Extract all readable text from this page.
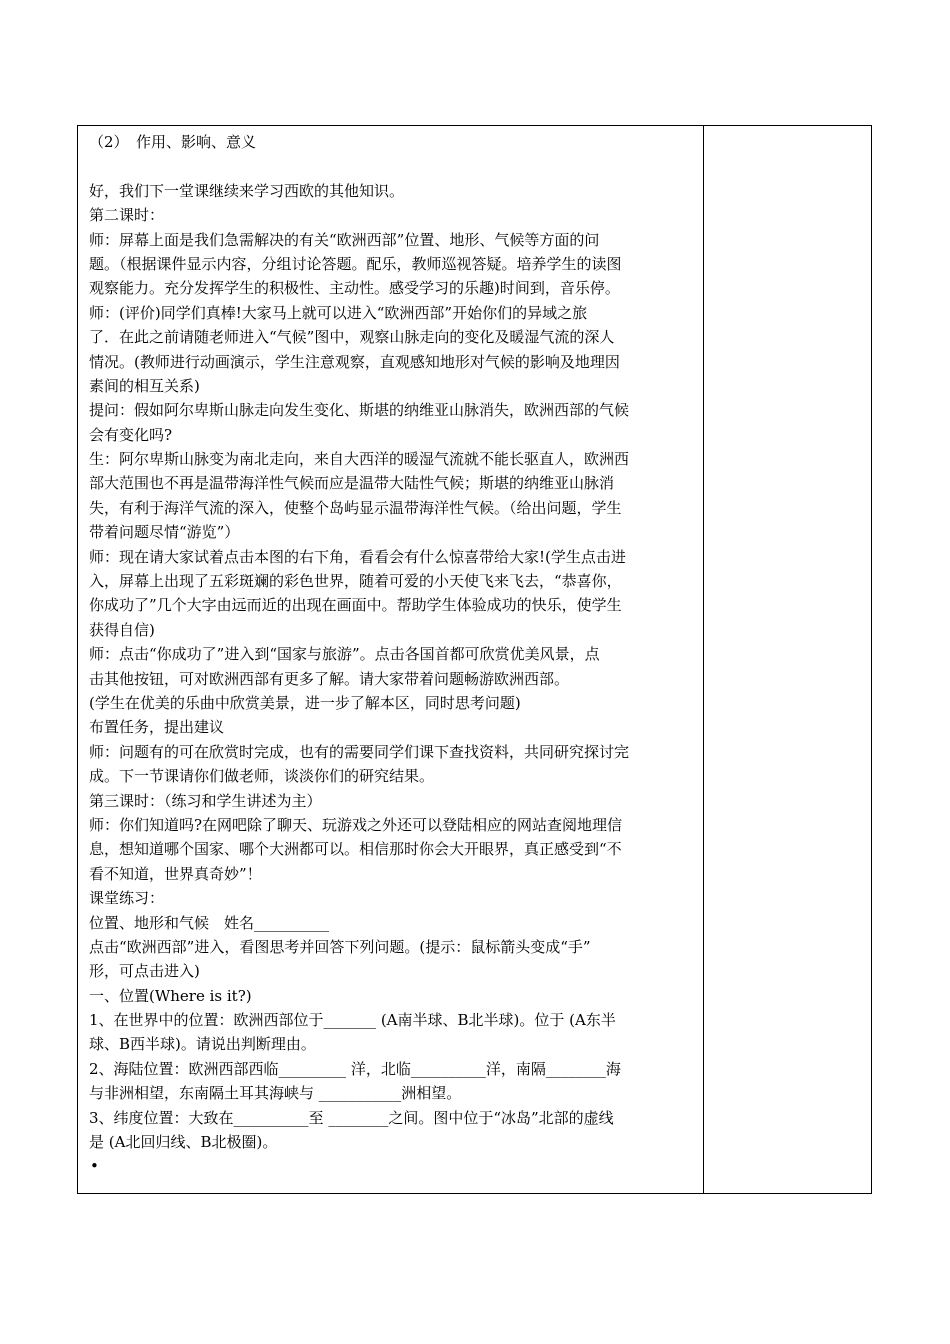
（2）　作用、影响、意义
好，我们下一堂课继续来学习西欧的其他知识。
第二课时：
师：屏幕上面是我们急需解决的有关“欧洲西部”位置、地形、气候等方面的问
题。（根据课件显示内容，分组讨论答题。配乐，教师巡视答疑。培养学生的读图
观察能力。充分发挥学生的积极性、主动性。感受学习的乐趣)时间到，音乐停。
师：(评价)同学们真棒!大家马上就可以进入“欧洲西部”开始你们的异域之旅
了．在此之前请随老师进入“气候”图中，观察山脉走向的变化及暖湿气流的深人
情况。(教师进行动画演示，学生注意观察，直观感知地形对气候的影响及地理因
素间的相互关系)
提问：假如阿尔卑斯山脉走向发生变化、斯堪的纳维亚山脉消失，欧洲西部的气候
会有变化吗?
生：阿尔卑斯山脉变为南北走向，来自大西洋的暖湿气流就不能长驱直人，欧洲西
部大范围也不再是温带海洋性气候而应是温带大陆性气候；斯堪的纳维亚山脉消
失，有利于海洋气流的深入，使整个岛屿显示温带海洋性气候。（给出问题，学生
带着问题尽情“游览”）
师：现在请大家试着点击本图的右下角，看看会有什么惊喜带给大家!(学生点击进
入，屏幕上出现了五彩斑斓的彩色世界，随着可爱的小天使飞来飞去，“恭喜你，
你成功了”几个大字由远而近的出现在画面中。帮助学生体验成功的快乐，使学生
获得自信)
师：点击“你成功了”进入到“国家与旅游”。点击各国首都可欣赏优美风景，点
击其他按钮，可对欧洲西部有更多了解。请大家带着问题畅游欧洲西部。
(学生在优美的乐曲中欣赏美景，进一步了解本区，同时思考问题)
布置任务，提出建议
师：问题有的可在欣赏时完成，也有的需要同学们课下查找资料，共同研究探讨完
成。下一节课请你们做老师，谈淡你们的研究结果。
第三课时：（练习和学生讲述为主）
师：你们知道吗?在网吧除了聊天、玩游戏之外还可以登陆相应的网站查阅地理信
息，想知道哪个国家、哪个大洲都可以。相信那时你会大开眼界，真正感受到“不
看不知道，世界真奇妙”！
课堂练习：
位置、地形和气候　姓名__________
点击“欧洲西部”进入，看图思考并回答下列问题。(提示：鼠标箭头变成“手”
形，可点击进入)
一、位置(Where is it?)
1、在世界中的位置：欧洲西部位于_______ (A南半球、B北半球)。位于 (A东半
球、B西半球)。请说出判断理由。
2、海陆位置：欧洲西部西临_________ 洋，北临__________洋，南隔________海
与非洲相望，东南隔土耳其海峡与 ___________洲相望。
3、纬度位置：大致在__________至 ________之间。图中位于“冰岛”北部的虚线
是 (A北回归线、B北极圈)。
•
